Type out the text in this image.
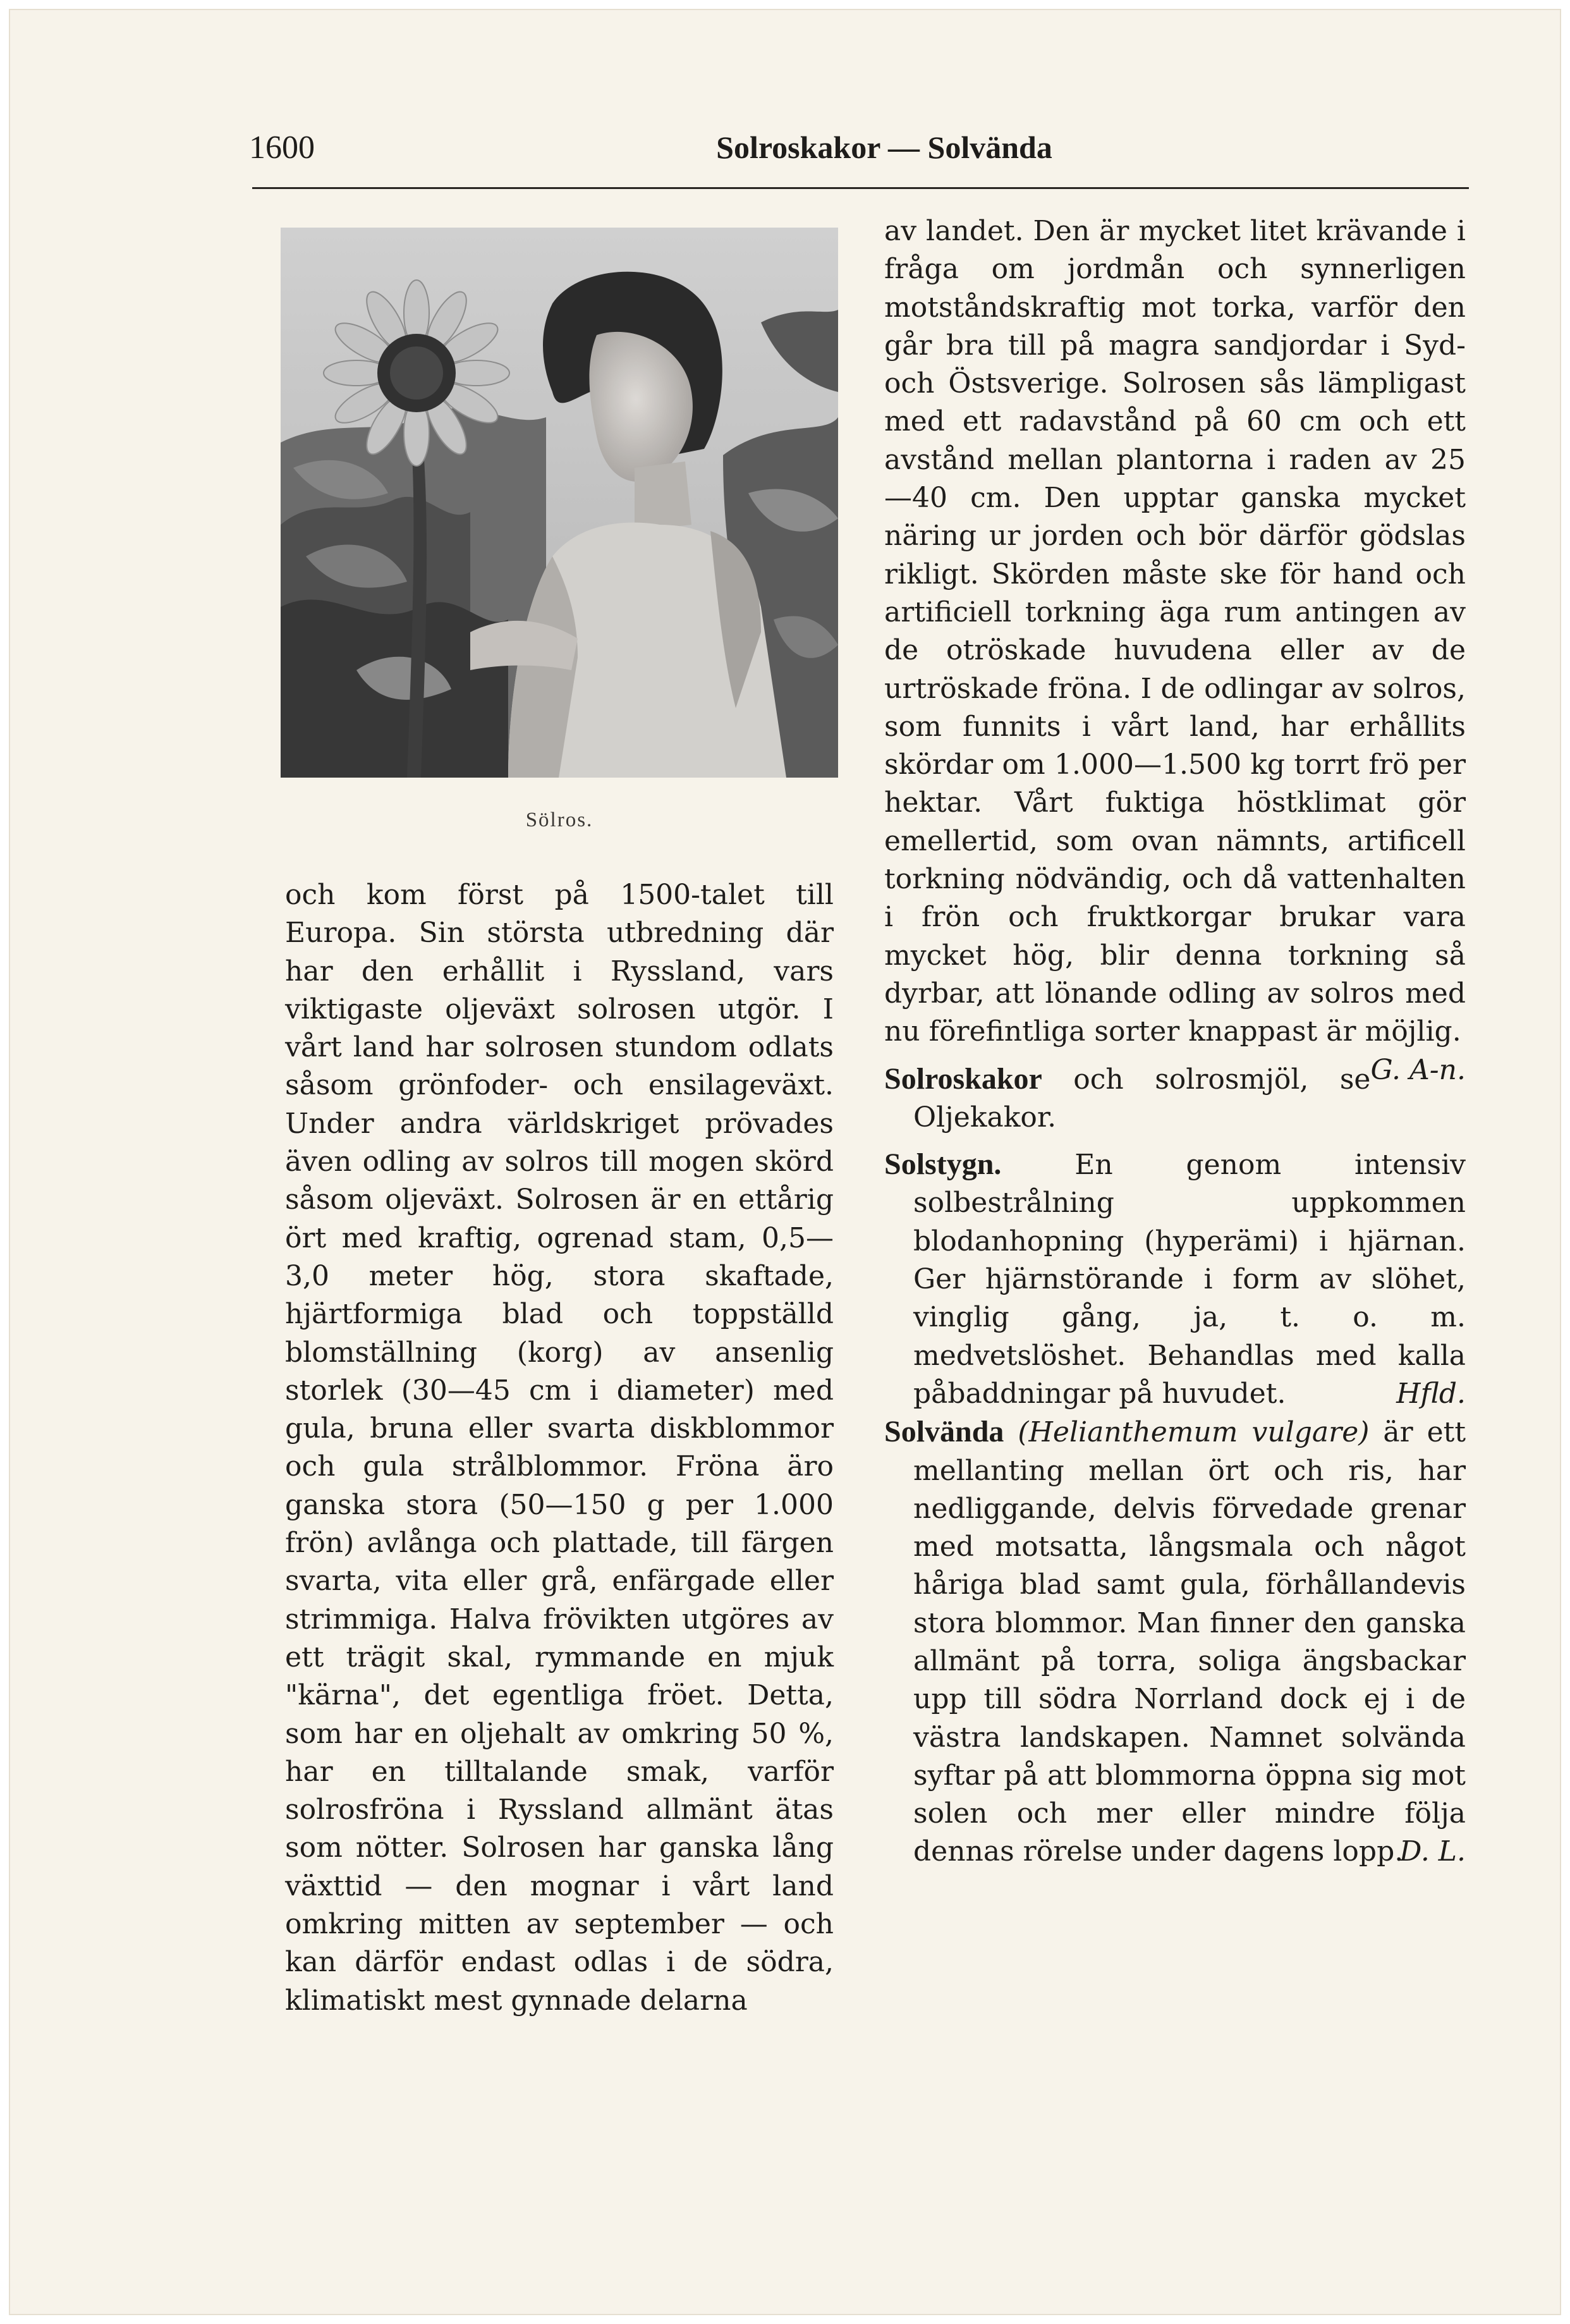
1600	Solroskakor — Solvända
Sölros.

och kom först på 1500-talet till Europa. Sin största utbredning där har den erhållit i Ryssland, vars viktigaste oljeväxt solrosen utgör. I vårt land har solrosen stundom odlats såsom grönfoder- och ensilageväxt. Under andra världskriget prövades även odling av solros till mogen skörd såsom oljeväxt. Solrosen är en ettårig ört med kraftig, ogrenad stam, 0,5—3,0 meter hög, stora skaftade, hjärtformiga blad och toppställd blomställning (korg) av ansenlig storlek (30—45 cm i diameter) med gula, bruna eller svarta diskblommor och gula strålblommor. Fröna äro ganska stora (50—150 g per 1.000 frön) avlånga och plattade, till färgen svarta, vita eller grå, enfärgade eller strimmiga. Halva frövikten utgöres av ett trägit skal, rymmande en mjuk "kärna", det egentliga fröet. Detta, som har en oljehalt av omkring 50 %, har en tilltalande smak, varför solrosfröna i Ryssland allmänt ätas som nötter. Solrosen har ganska lång växttid — den mognar i vårt land omkring mitten av september — och kan därför endast odlas i de södra, klimatiskt mest gynnade delarna

av landet. Den är mycket litet krävande i fråga om jordmån och synnerligen motståndskraftig mot torka, varför den går bra till på magra sandjordar i Syd- och Östsverige. Solrosen sås lämpligast med ett radavstånd på 60 cm och ett avstånd mellan plantorna i raden av 25—40 cm. Den upptar ganska mycket näring ur jorden och bör därför gödslas rikligt. Skörden måste ske för hand och artificiell torkning äga rum antingen av de otröskade huvudena eller av de urtröskade fröna. I de odlingar av solros, som funnits i vårt land, har erhållits skördar om 1.000—1.500 kg torrt frö per hektar. Vårt fuktiga höstklimat gör emellertid, som ovan nämnts, artificell torkning nödvändig, och då vattenhalten i frön och fruktkorgar brukar vara mycket hög, blir denna torkning så dyrbar, att lönande odling av solros med nu förefintliga sorter knappast är möjlig.
G. A-n.

Solroskakor och solrosmjöl, se Oljekakor.

Solstygn. En genom intensiv solbestrålning uppkommen blodanhopning (hyperämi) i hjärnan. Ger hjärnstörande i form av slöhet, vinglig gång, ja, t. o. m. medvetslöshet. Behandlas med kalla påbaddningar på huvudet.	Hfld.

Solvända (Helianthemum vulgare) är ett mellanting mellan ört och ris, har nedliggande, delvis förvedade grenar med motsatta, långsmala och något håriga blad samt gula, förhållandevis stora blommor. Man finner den ganska allmänt på torra, soliga ängsbackar upp till södra Norrland dock ej i de västra landskapen. Namnet solvända syftar på att blommorna öppna sig mot solen och mer eller mindre följa dennas rörelse under dagens lopp.
D. L.
